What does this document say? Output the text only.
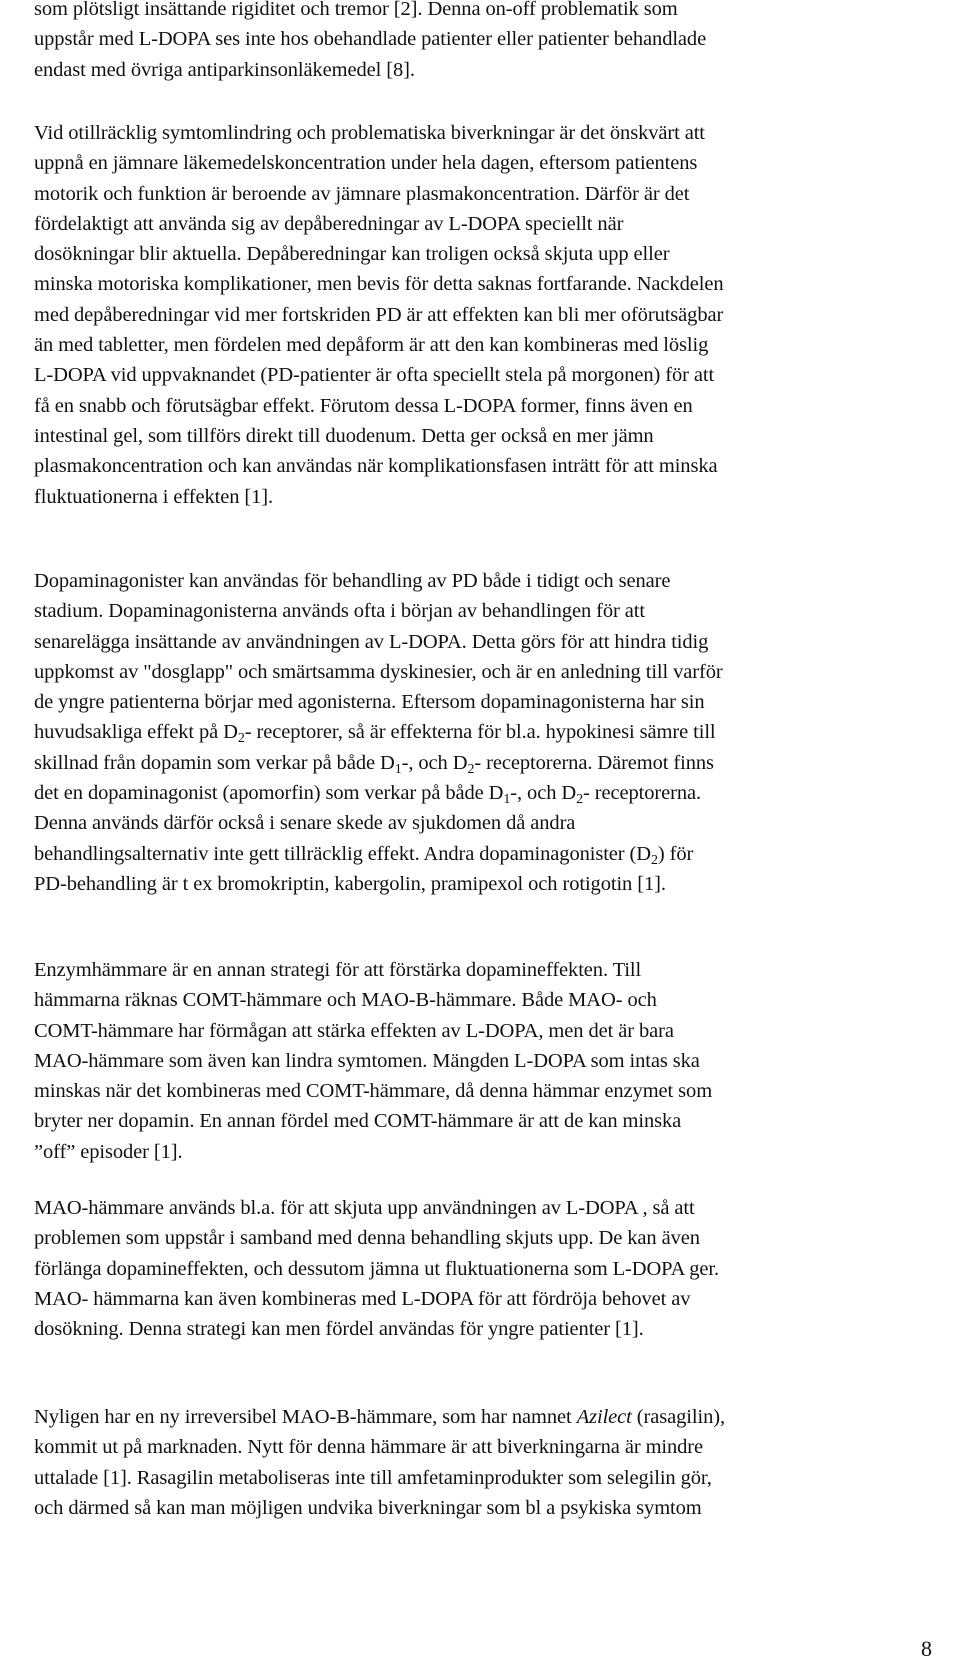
som plötsligt insättande rigiditet och tremor [2]. Denna on-off problematik som
uppstår med L-DOPA ses inte hos obehandlade patienter eller patienter behandlade
endast med övriga antiparkinsonläkemedel [8].

Vid otillräcklig symtomlindring och problematiska biverkningar är det önskvärt att
uppnå en jämnare läkemedelskoncentration under hela dagen, eftersom patientens
motorik och funktion är beroende av jämnare plasmakoncentration. Därför är det
fördelaktigt att använda sig av depåberedningar av L-DOPA speciellt när
dosökningar blir aktuella. Depåberedningar kan troligen också skjuta upp eller
minska motoriska komplikationer, men bevis för detta saknas fortfarande. Nackdelen
med depåberedningar vid mer fortskriden PD är att effekten kan bli mer oförutsägbar
än med tabletter, men fördelen med depåform är att den kan kombineras med löslig
L-DOPA vid uppvaknandet (PD-patienter är ofta speciellt stela på morgonen) för att
få en snabb och förutsägbar effekt. Förutom dessa L-DOPA former, finns även en
intestinal gel, som tillförs direkt till duodenum. Detta ger också en mer jämn
plasmakoncentration och kan användas när komplikationsfasen inträtt för att minska
fluktuationerna i effekten [1].

Dopaminagonister kan användas för behandling av PD både i tidigt och senare
stadium. Dopaminagonisterna används ofta i början av behandlingen för att
senarelägga insättande av användningen av L-DOPA. Detta görs för att hindra tidig
uppkomst av "dosglapp" och smärtsamma dyskinesier, och är en anledning till varför
de yngre patienterna börjar med agonisterna. Eftersom dopaminagonisterna har sin
huvudsakliga effekt på $D_2-$ receptorer, så är effekterna för bl.a. hypokinesi sämre till
skillnad från dopamin som verkar på både $D_1-$, och $D_2-$ receptorerna. Däremot finns
det en dopaminagonist (apomorfin) som verkar på både $D_1-$, och $D_2-$ receptorerna.
Denna används därför också i senare skede av sjukdomen då andra
behandlingsalternativ inte gett tillräcklig effekt. Andra dopaminagonister $(D_2)$ för
PD-behandling är t ex bromokriptin, kabergolin, pramipexol och rotigotin [1].

Enzymhämmare är en annan strategi för att förstärka dopamineffekten. Till
hämmarna räknas COMT-hämmare och MAO-B-hämmare. Både MAO- och
COMT-hämmare har förmågan att stärka effekten av L-DOPA, men det är bara
MAO-hämmare som även kan lindra symtomen. Mängden L-DOPA som intas ska
minskas när det kombineras med COMT-hämmare, då denna hämmar enzymet som
bryter ner dopamin. En annan fördel med COMT-hämmare är att de kan minska
”off” episoder [1].

MAO-hämmare används bl.a. för att skjuta upp användningen av L-DOPA , så att
problemen som uppstår i samband med denna behandling skjuts upp. De kan även
förlänga dopamineffekten, och dessutom jämna ut fluktuationerna som L-DOPA ger.
MAO- hämmarna kan även kombineras med L-DOPA för att fördröja behovet av
dosökning. Denna strategi kan men fördel användas för yngre patienter [1].

Nyligen har en ny irreversibel MAO-B-hämmare, som har namnet Azilect (rasagilin),
kommit ut på marknaden. Nytt för denna hämmare är att biverkningarna är mindre
uttalade [1]. Rasagilin metaboliseras inte till amfetaminprodukter som selegilin gör,
och därmed så kan man möjligen undvika biverkningar som bl a psykiska symtom

8
